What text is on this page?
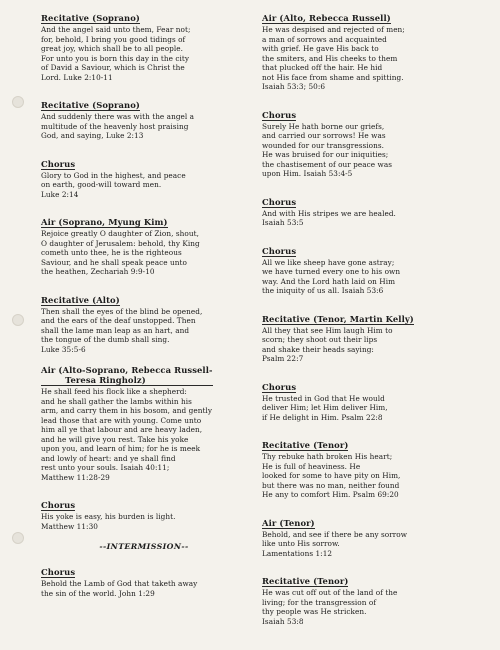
Recitative (Soprano)
And the angel said unto them, Fear not;
for, behold, I bring you good tidings of
great joy, which shall be to all people.
For unto you is born this day in the city
of David a Saviour, which is Christ the
Lord. Luke 2:10-11
Recitative (Soprano)
And suddenly there was with the angel a
multitude of the heavenly host praising
God, and saying, Luke 2:13
Chorus
Glory to God in the highest, and peace
on earth, good-will toward men.
Luke 2:14
Air (Soprano, Myung Kim)
Rejoice greatly O daughter of Zion, shout,
O daughter of Jerusalem: behold, thy King
cometh unto thee, he is the righteous
Saviour, and he shall speak peace unto
the heathen, Zechariah 9:9-10
Recitative (Alto)
Then shall the eyes of the blind be opened,
and the ears of the deaf unstopped. Then
shall the lame man leap as an hart, and
the tongue of the dumb shall sing.
Luke 35:5-6
Air (Alto-Soprano, Rebecca Russell-
Teresa Ringholz)
He shall feed his flock like a shepherd:
and he shall gather the lambs within his
arm, and carry them in his bosom, and gently
lead those that are with young. Come unto
him all ye that labour and are heavy laden,
and he will give you rest. Take his yoke
upon you, and learn of him; for he is meek
and lowly of heart: and ye shall find
rest unto your souls. Isaiah 40:11;
Matthew 11:28-29
Chorus
His yoke is easy, his burden is light.
Matthew 11:30
--INTERMISSION--
Chorus
Behold the Lamb of God that taketh away
the sin of the world. John 1:29
Air (Alto, Rebecca Russell)
He was despised and rejected of men;
a man of sorrows and acquainted
with grief. He gave His back to
the smiters, and His cheeks to them
that plucked off the hair. He hid
not His face from shame and spitting.
Isaiah 53:3; 50:6
Chorus
Surely He hath borne our griefs,
and carried our sorrows! He was
wounded for our transgressions.
He was bruised for our iniquities;
the chastisement of our peace was
upon Him. Isaiah 53:4-5
Chorus
And with His stripes we are healed.
Isaiah 53:5
Chorus
All we like sheep have gone astray;
we have turned every one to his own
way. And the Lord hath laid on Him
the iniquity of us all. Isaiah 53:6
Recitative (Tenor, Martin Kelly)
All they that see Him laugh Him to
scorn; they shoot out their lips
and shake their heads saying:
Psalm 22:7
Chorus
He trusted in God that He would
deliver Him; let Him deliver Him,
if He delight in Him. Psalm 22:8
Recitative (Tenor)
Thy rebuke hath broken His heart;
He is full of heaviness. He
looked for some to have pity on Him,
but there was no man, neither found
He any to comfort Him. Psalm 69:20
Air (Tenor)
Behold, and see if there be any sorrow
like unto His sorrow.
Lamentations 1:12
Recitative (Tenor)
He was cut off out of the land of the
living; for the transgression of
thy people was He stricken.
Isaiah 53:8
